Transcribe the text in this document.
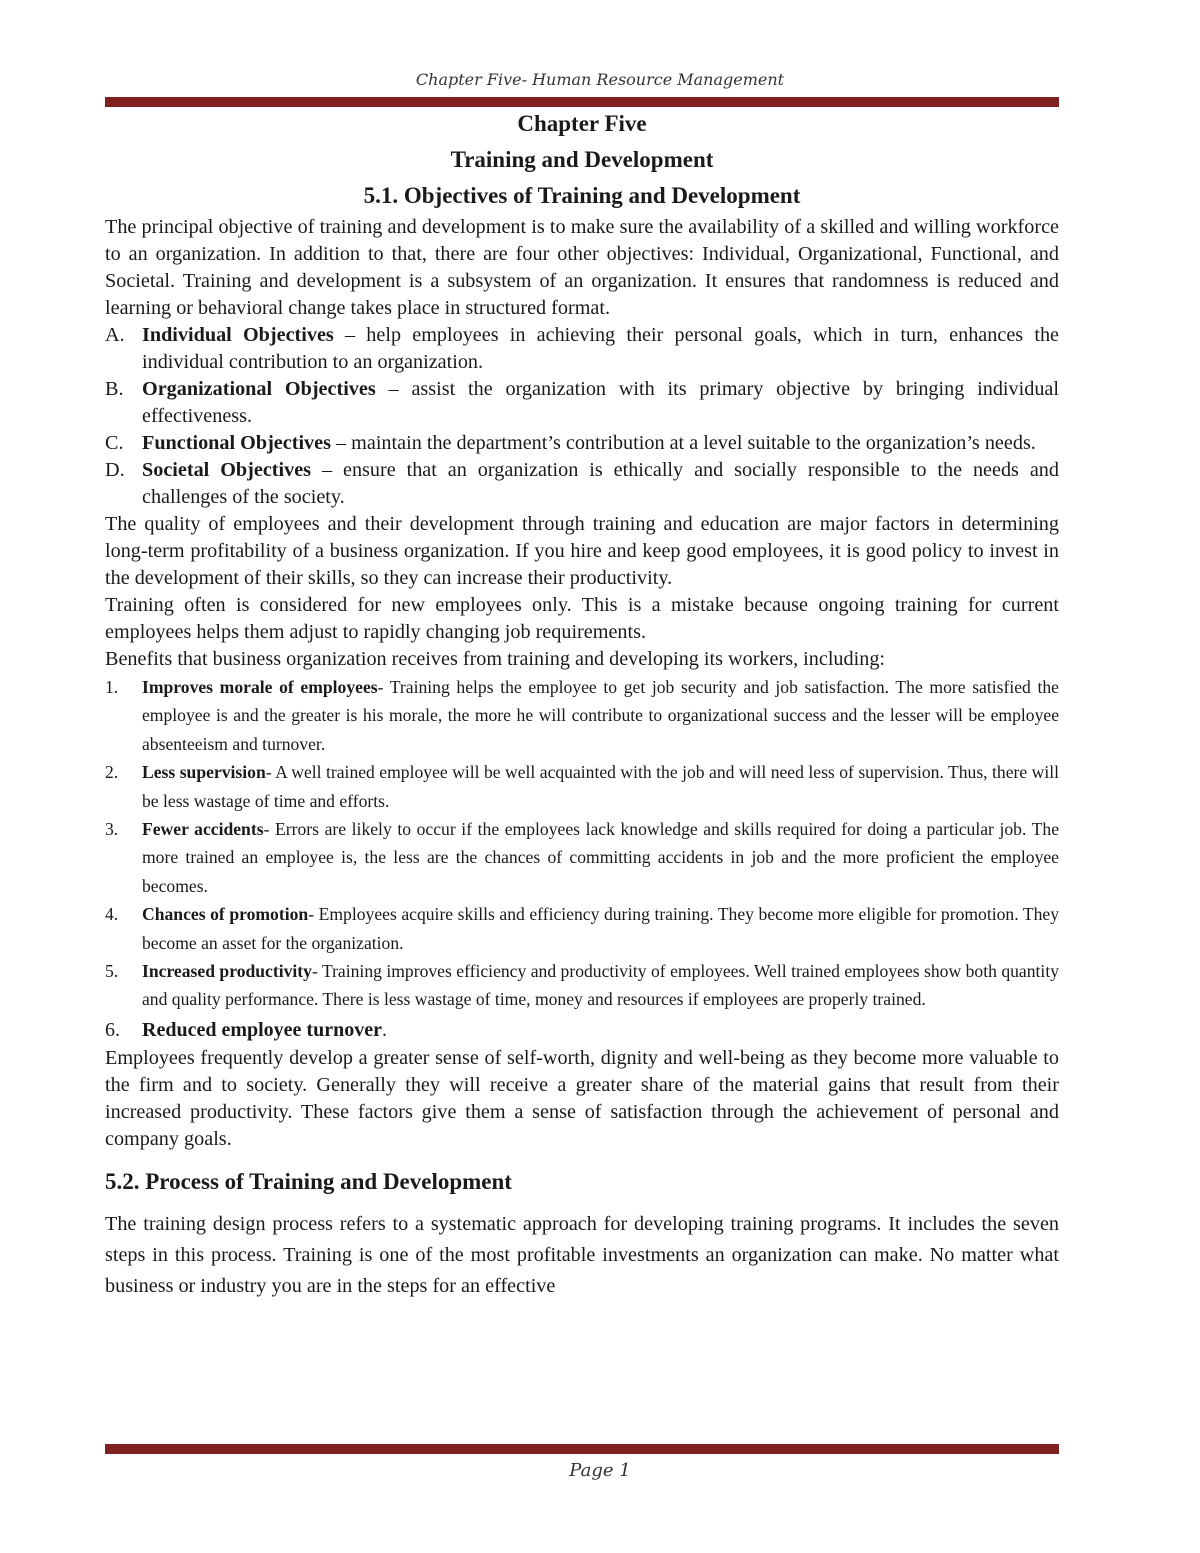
Chapter Five- Human Resource Management
Chapter Five
Training and Development
5.1. Objectives of Training and Development

The principal objective of training and development is to make sure the availability of a skilled and willing workforce to an organization. In addition to that, there are four other objectives: Individual, Organizational, Functional, and Societal. Training and development is a subsystem of an organization. It ensures that randomness is reduced and learning or behavioral change takes place in structured format.

A. Individual Objectives – help employees in achieving their personal goals, which in turn, enhances the individual contribution to an organization.

B. Organizational Objectives – assist the organization with its primary objective by bringing individual effectiveness.

C. Functional Objectives – maintain the department’s contribution at a level suitable to the organization’s needs.

D. Societal Objectives – ensure that an organization is ethically and socially responsible to the needs and challenges of the society.

The quality of employees and their development through training and education are major factors in determining long-term profitability of a business organization. If you hire and keep good employees, it is good policy to invest in the development of their skills, so they can increase their productivity.

Training often is considered for new employees only. This is a mistake because ongoing training for current employees helps them adjust to rapidly changing job requirements.

Benefits that business organization receives from training and developing its workers, including:

1.	Improves morale of employees- Training helps the employee to get job security and job satisfaction. The more satisfied the employee is and the greater is his morale, the more he will contribute to organizational success and the lesser will be employee absenteeism and turnover.

2.	Less supervision- A well trained employee will be well acquainted with the job and will need less of supervision. Thus, there will be less wastage of time and efforts.

3.	Fewer accidents- Errors are likely to occur if the employees lack knowledge and skills required for doing a particular job. The more trained an employee is, the less are the chances of committing accidents in job and the more proficient the employee becomes.

4.	Chances of promotion- Employees acquire skills and efficiency during training. They become more eligible for promotion. They become an asset for the organization.

5.	Increased productivity- Training improves efficiency and productivity of employees. Well trained employees show both quantity and quality performance. There is less wastage of time, money and resources if employees are properly trained.

6.	Reduced employee turnover.

Employees frequently develop a greater sense of self-worth, dignity and well-being as they become more valuable to the firm and to society. Generally they will receive a greater share of the material gains that result from their increased productivity. These factors give them a sense of satisfaction through the achievement of personal and company goals.

5.2. Process of Training and Development

The training design process refers to a systematic approach for developing training programs. It includes the seven steps in this process. Training is one of the most profitable investments an organization can make. No matter what business or industry you are in the steps for an effective

Page 1
